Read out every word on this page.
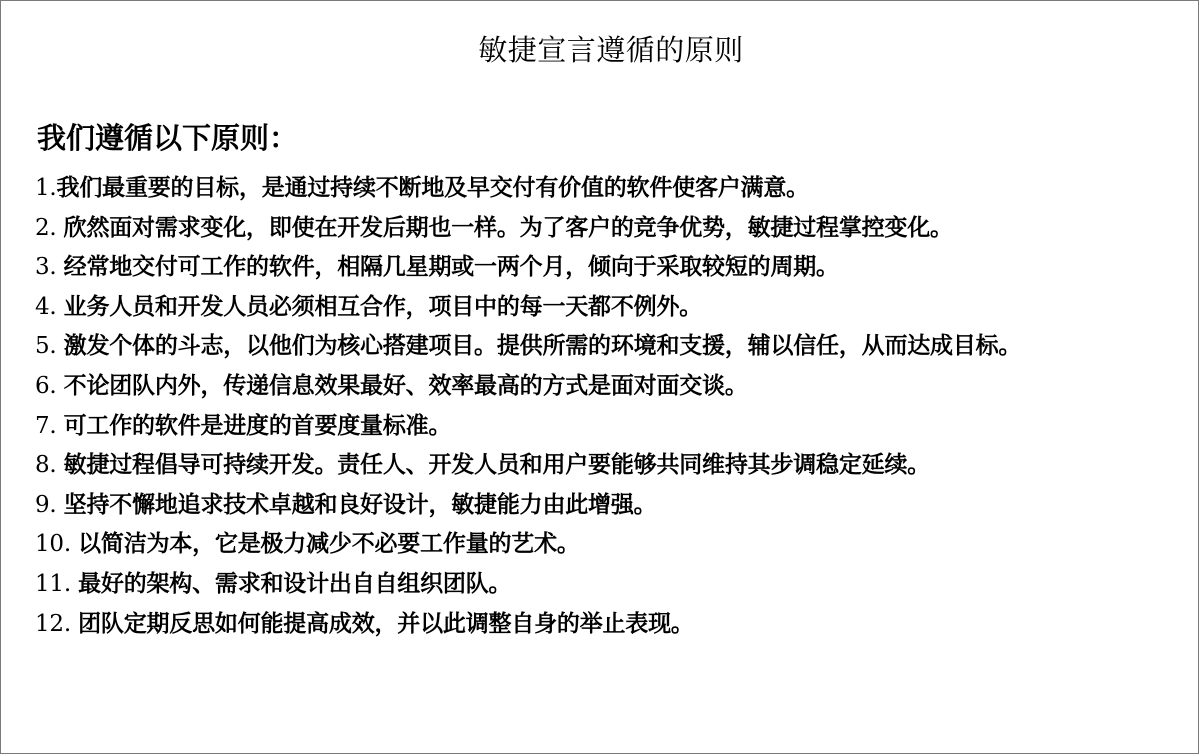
敏捷宣言遵循的原则
我们遵循以下原则：
1.我们最重要的目标，是通过持续不断地及早交付有价值的软件使客户满意。
2. 欣然面对需求变化，即使在开发后期也一样。为了客户的竞争优势，敏捷过程掌控变化。
3. 经常地交付可工作的软件，相隔几星期或一两个月，倾向于采取较短的周期。
4. 业务人员和开发人员必须相互合作，项目中的每一天都不例外。
5. 激发个体的斗志，以他们为核心搭建项目。提供所需的环境和支援，辅以信任，从而达成目标。
6. 不论团队内外，传递信息效果最好、效率最高的方式是面对面交谈。
7. 可工作的软件是进度的首要度量标准。
8. 敏捷过程倡导可持续开发。责任人、开发人员和用户要能够共同维持其步调稳定延续。
9. 坚持不懈地追求技术卓越和良好设计，敏捷能力由此增强。
10. 以简洁为本，它是极力减少不必要工作量的艺术。
11. 最好的架构、需求和设计出自自组织团队。
12. 团队定期反思如何能提高成效，并以此调整自身的举止表现。
